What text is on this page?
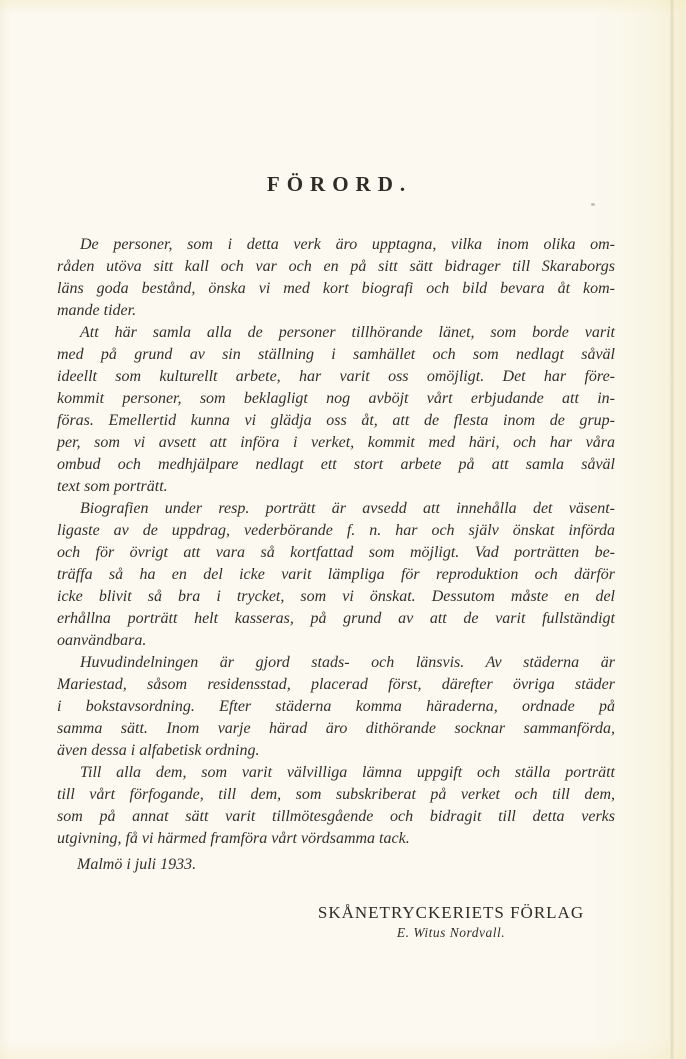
FÖRORD.
De personer, som i detta verk äro upptagna, vilka inom olika om-
råden utöva sitt kall och var och en på sitt sätt bidrager till Skaraborgs
läns goda bestånd, önska vi med kort biografi och bild bevara åt kom-
mande tider.
Att här samla alla de personer tillhörande länet, som borde varit
med på grund av sin ställning i samhället och som nedlagt såväl
ideellt som kulturellt arbete, har varit oss omöjligt. Det har före-
kommit personer, som beklagligt nog avböjt vårt erbjudande att in-
föras. Emellertid kunna vi glädja oss åt, att de flesta inom de grup-
per, som vi avsett att införa i verket, kommit med häri, och har våra
ombud och medhjälpare nedlagt ett stort arbete på att samla såväl
text som porträtt.
Biografien under resp. porträtt är avsedd att innehålla det väsent-
ligaste av de uppdrag, vederbörande f. n. har och själv önskat införda
och för övrigt att vara så kortfattad som möjligt. Vad porträtten be-
träffa så ha en del icke varit lämpliga för reproduktion och därför
icke blivit så bra i trycket, som vi önskat. Dessutom måste en del
erhållna porträtt helt kasseras, på grund av att de varit fullständigt
oanvändbara.
Huvudindelningen är gjord stads- och länsvis. Av städerna är
Mariestad, såsom residensstad, placerad först, därefter övriga städer
i bokstavsordning. Efter städerna komma häraderna, ordnade på
samma sätt. Inom varje härad äro dithörande socknar sammanförda,
även dessa i alfabetisk ordning.
Till alla dem, som varit välvilliga lämna uppgift och ställa porträtt
till vårt förfogande, till dem, som subskriberat på verket och till dem,
som på annat sätt varit tillmötesgående och bidragit till detta verks
utgivning, få vi härmed framföra vårt vördsamma tack.

Malmö i juli 1933.

SKÅNETRYCKERIETS FÖRLAG
E. Witus Nordvall.
